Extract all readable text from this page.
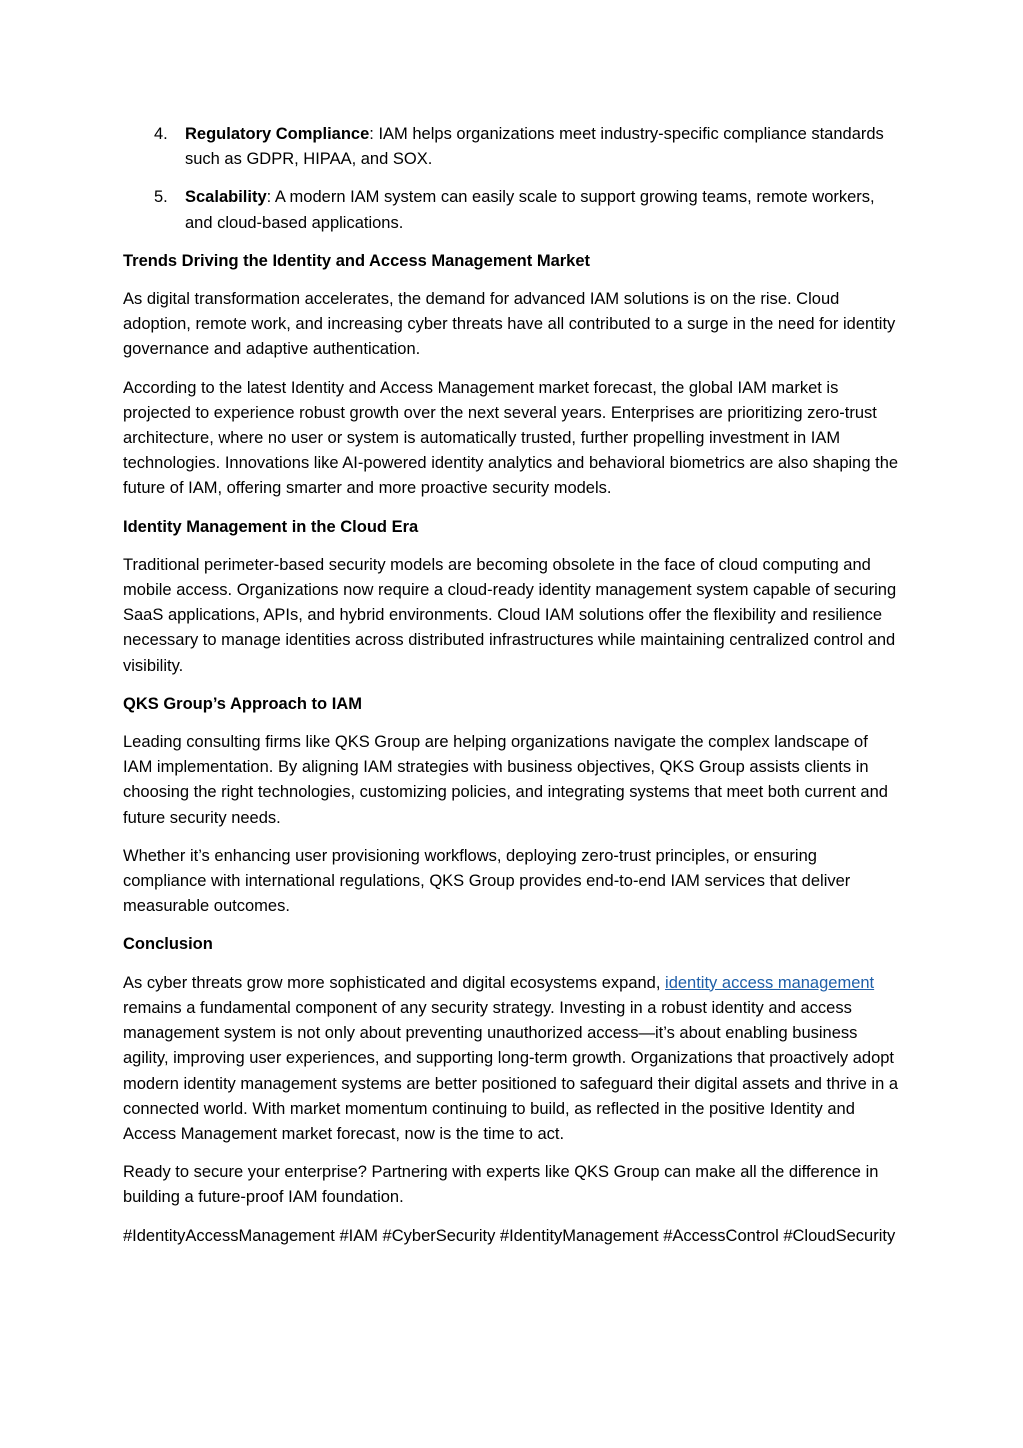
4. Regulatory Compliance: IAM helps organizations meet industry-specific compliance standards such as GDPR, HIPAA, and SOX.
5. Scalability: A modern IAM system can easily scale to support growing teams, remote workers, and cloud-based applications.
Trends Driving the Identity and Access Management Market

As digital transformation accelerates, the demand for advanced IAM solutions is on the rise. Cloud adoption, remote work, and increasing cyber threats have all contributed to a surge in the need for identity governance and adaptive authentication.

According to the latest Identity and Access Management market forecast, the global IAM market is projected to experience robust growth over the next several years. Enterprises are prioritizing zero-trust architecture, where no user or system is automatically trusted, further propelling investment in IAM technologies. Innovations like AI-powered identity analytics and behavioral biometrics are also shaping the future of IAM, offering smarter and more proactive security models.

Identity Management in the Cloud Era

Traditional perimeter-based security models are becoming obsolete in the face of cloud computing and mobile access. Organizations now require a cloud-ready identity management system capable of securing SaaS applications, APIs, and hybrid environments. Cloud IAM solutions offer the flexibility and resilience necessary to manage identities across distributed infrastructures while maintaining centralized control and visibility.

QKS Group’s Approach to IAM

Leading consulting firms like QKS Group are helping organizations navigate the complex landscape of IAM implementation. By aligning IAM strategies with business objectives, QKS Group assists clients in choosing the right technologies, customizing policies, and integrating systems that meet both current and future security needs.

Whether it’s enhancing user provisioning workflows, deploying zero-trust principles, or ensuring compliance with international regulations, QKS Group provides end-to-end IAM services that deliver measurable outcomes.

Conclusion

As cyber threats grow more sophisticated and digital ecosystems expand, identity access management remains a fundamental component of any security strategy. Investing in a robust identity and access management system is not only about preventing unauthorized access—it’s about enabling business agility, improving user experiences, and supporting long-term growth. Organizations that proactively adopt modern identity management systems are better positioned to safeguard their digital assets and thrive in a connected world. With market momentum continuing to build, as reflected in the positive Identity and Access Management market forecast, now is the time to act.

Ready to secure your enterprise? Partnering with experts like QKS Group can make all the difference in building a future-proof IAM foundation.

#IdentityAccessManagement #IAM #CyberSecurity #IdentityManagement #AccessControl #CloudSecurity
